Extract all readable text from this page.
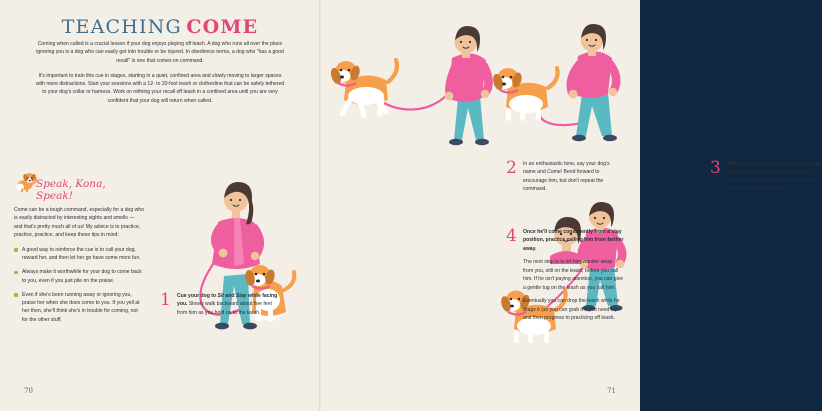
TEACHING COME

Coming when called is a crucial lesson if your dog enjoys playing off leash. A dog who runs all over the place ignoring you is a dog who can easily get into trouble or be injured. In obedience terms, a dog who "has a good recall" is one that comes on command.

It's important to train this cue in stages, starting in a quiet, confined area and slowly moving to larger spaces with more distractions. Start your sessions with a 12- to 20-foot leash or clothesline that can be safely tethered to your dog's collar or harness. Work on refining your recall off leash in a confined area until you are very confident that your dog will return when called.

Speak, Kona, Speak!

Come can be a tough command, especially for a dog who is easily distracted by interesting sights and smells — and that's pretty much all of us! My advice is to practice, practice, practice, and keep these tips in mind:

A good way to reinforce the cue is to call your dog, reward her, and then let her go have some more fun.
Always make it worthwhile for your dog to come back to you, even if you just pile on the praise.
Even if she's been running away or ignoring you, praise her when she does come to you. If you yell at her then, she'll think she's in trouble for coming, not for the other stuff.
1 Cue your dog to Sit and Stay while facing you. Slowly walk backward about five feet from him as you hold on to the leash.
70
2 In an enthusiastic tone, say your dog's name and Come! Bend forward to encourage him, but don't repeat the command.
3 When he reaches you, say Good come! and hand him a treat. Practice in short sessions until he understands that Come means to head right to you.
4 Once he'll come consistently from a stay position, practice calling him from farther away.

The next step is to let him wander away from you, still on the leash, before you call him. If he isn't paying attention, you can give a gentle tug on the leash as you call him.

Eventually you can drop the leash while he drags it (so you can grab it if you need to) and then progress to practicing off leash.

71
